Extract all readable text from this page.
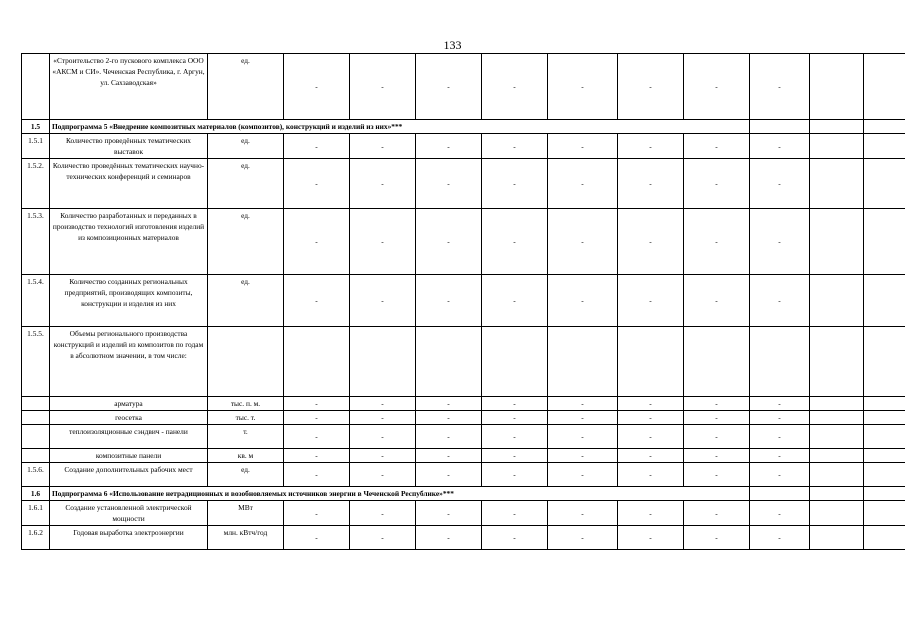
133
	«Строительство 2-го пускового комплекса ООО «АКСМ и СИ». Чеченская Республика, г. Аргун, ул. Сахзаводская»	ед.	-	-	-	-	-	-	-	-		
1.5	Подпрограмма 5 «Внедрение композитных материалов (композитов), конструкций и изделий из них»***											
1.5.1	Количество проведённых тематических выставок	ед.	-	-	-	-	-	-	-	-		
1.5.2.	Количество проведённых тематических научно-технических конференций и семинаров	ед.	-	-	-	-	-	-	-	-		
1.5.3.	Количество разработанных и переданных в производство технологий изготовления изделий из композиционных материалов	ед.	-	-	-	-	-	-	-	-		
1.5.4.	Количество созданных региональных предприятий, производящих композиты, конструкции и изделия из них	ед.	-	-	-	-	-	-	-	-		
1.5.5.	Объемы регионального производства конструкций и изделий из композитов по годам в абсолютном значении, в том числе:											
	арматура	тыс. п. м.	-	-	-	-	-	-	-	-		
	геосетка	тыс. т.	-	-	-	-	-	-	-	-		
	теплоизоляционные сэндвич - панели	т.	-	-	-	-	-	-	-	-		
	композитные панели	кв. м	-	-	-	-	-	-	-	-		
1.5.6.	Создание дополнительных рабочих мест	ед.	-	-	-	-	-	-	-	-		
1.6	Подпрограмма 6 «Использование нетрадиционных и возобновляемых источников энергии в Чеченской Республике»***											
1.6.1	Создание установленной электрической мощности	МВт	-	-	-	-	-	-	-	-		
1.6.2	Годовая выработка электроэнергии	млн. кВтч/год	-	-	-	-	-	-	-	-		
